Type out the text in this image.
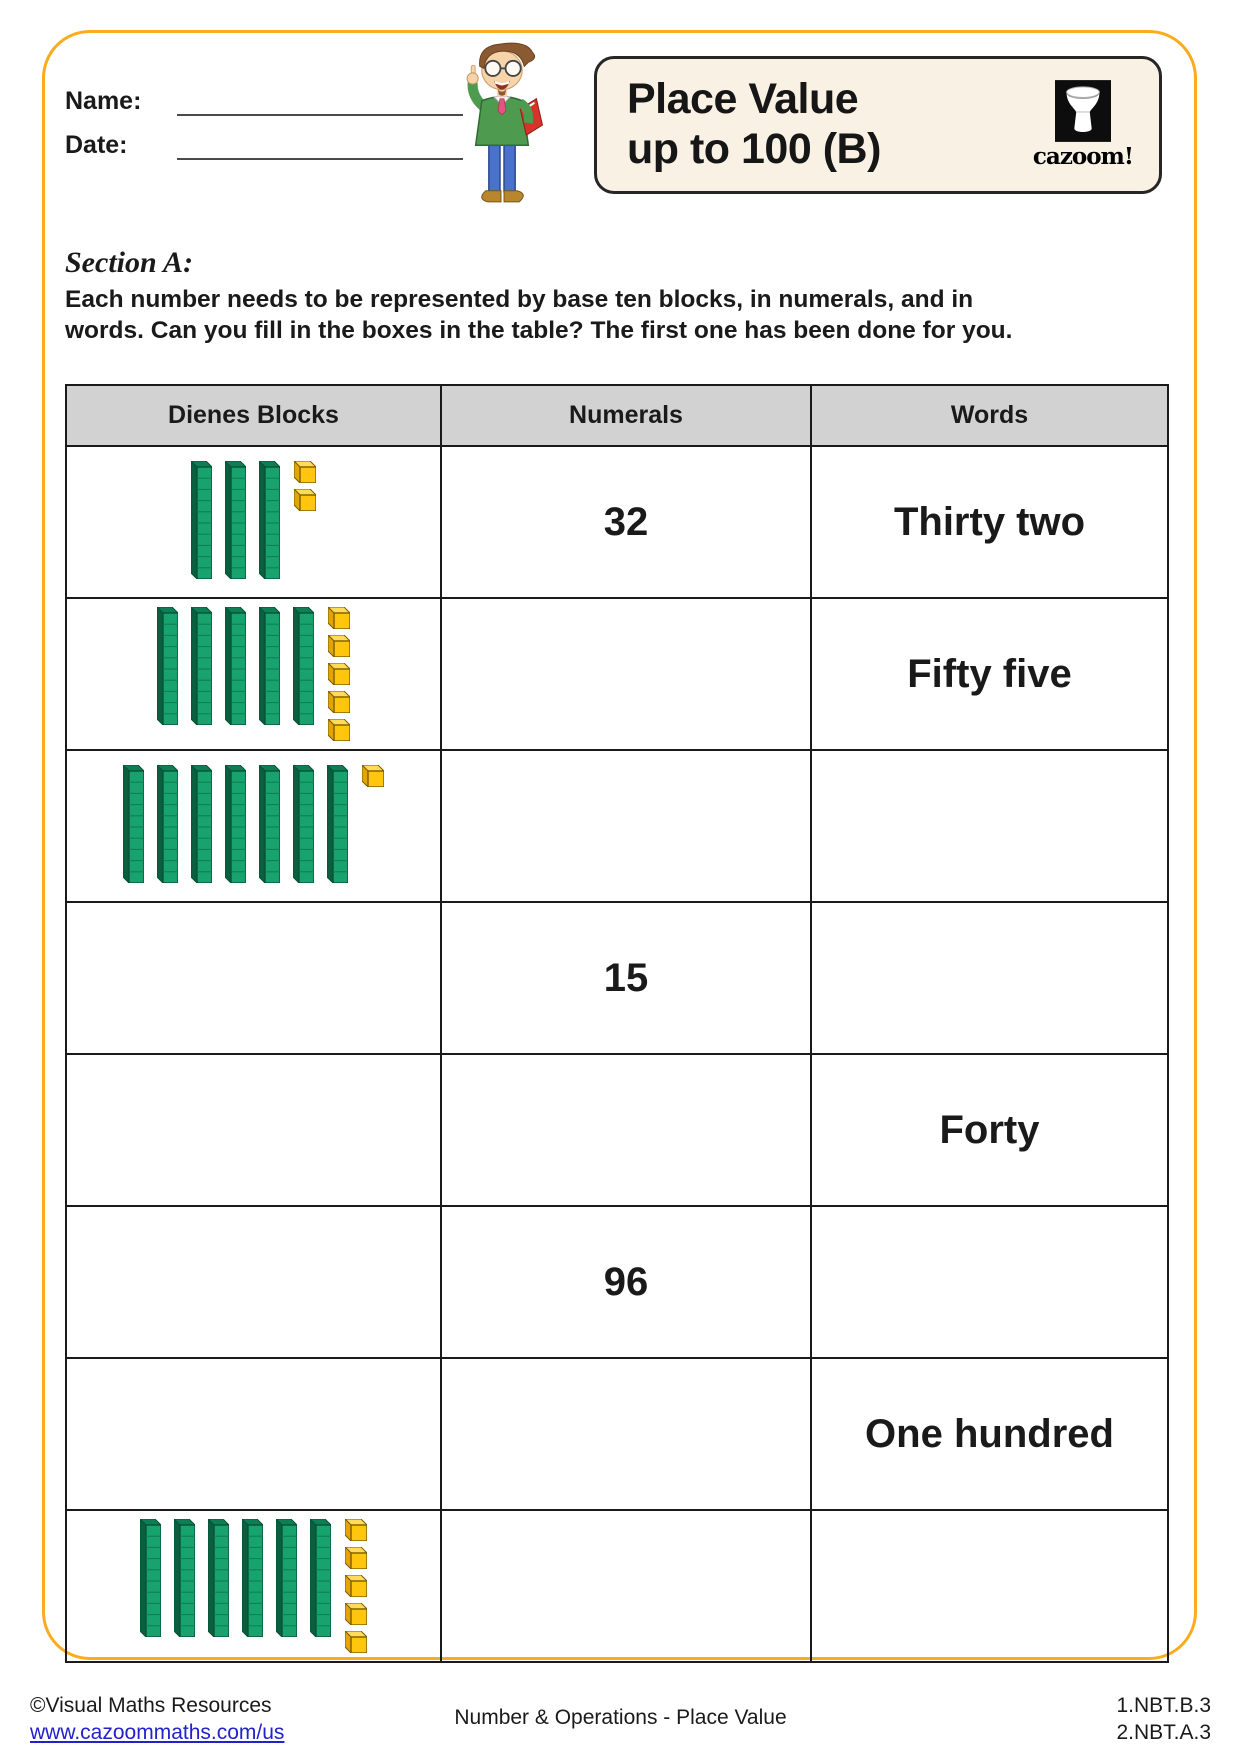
Name:
Date:
Place Value
up to 100 (B)	cazoom!
Section A:
Each number needs to be represented by base ten blocks, in numerals, and in
words. Can you fill in the boxes in the table? The first one has been done for you.
Dienes Blocks	Numerals	Words

	32	Thirty two

		Fifty five

	15	
		Forty
	96	
		One hundred

©Visual Maths Resources
www.cazoommaths.com/us
Number & Operations - Place Value
1.NBT.B.3
2.NBT.A.3
